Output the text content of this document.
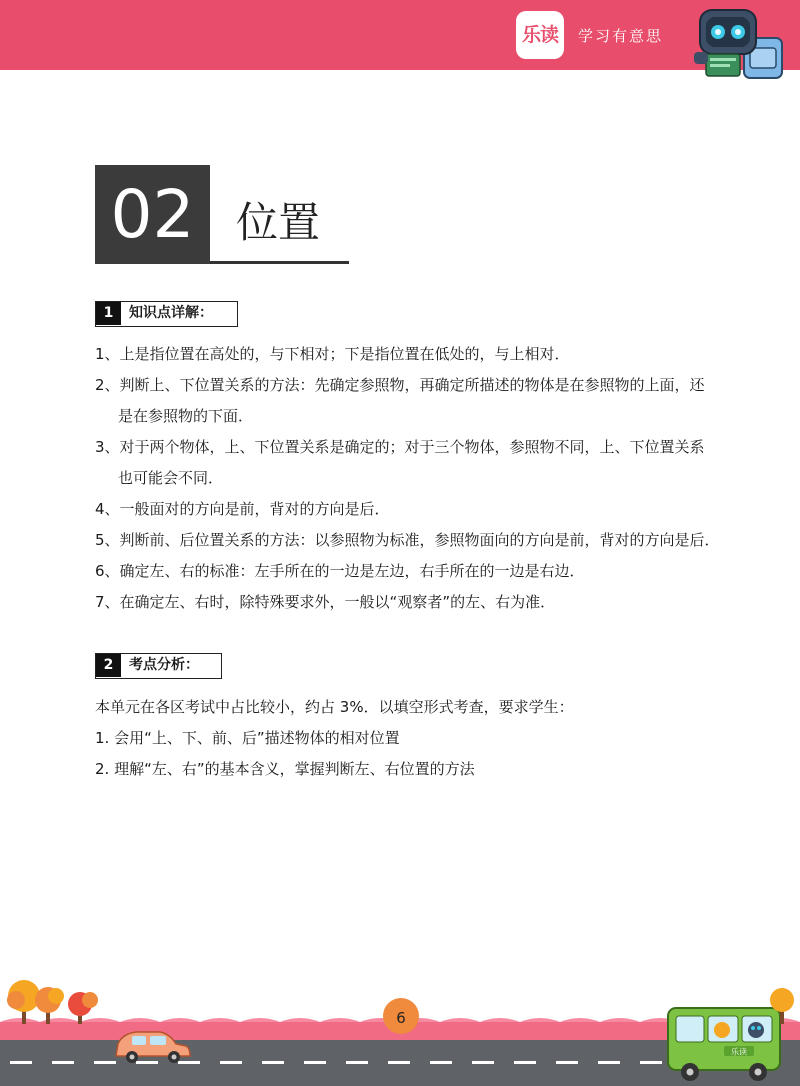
乐读	学习有意思
02 位置
1	知识点详解：
1、上是指位置在高处的，与下相对；下是指位置在低处的，与上相对．
2、判断上、下位置关系的方法：先确定参照物，再确定所描述的物体是在参照物的上面，还
是在参照物的下面．
3、对于两个物体，上、下位置关系是确定的；对于三个物体，参照物不同，上、下位置关系
也可能会不同．
4、一般面对的方向是前，背对的方向是后．
5、判断前、后位置关系的方法：以参照物为标准，参照物面向的方向是前，背对的方向是后．
6、确定左、右的标准：左手所在的一边是左边，右手所在的一边是右边．
7、在确定左、右时，除特殊要求外，一般以“观察者”的左、右为准．
2	考点分析：
本单元在各区考试中占比较小，约占 3%．以填空形式考查，要求学生：
1. 会用“上、下、前、后”描述物体的相对位置
2. 理解“左、右”的基本含义，掌握判断左、右位置的方法
乐读
6
